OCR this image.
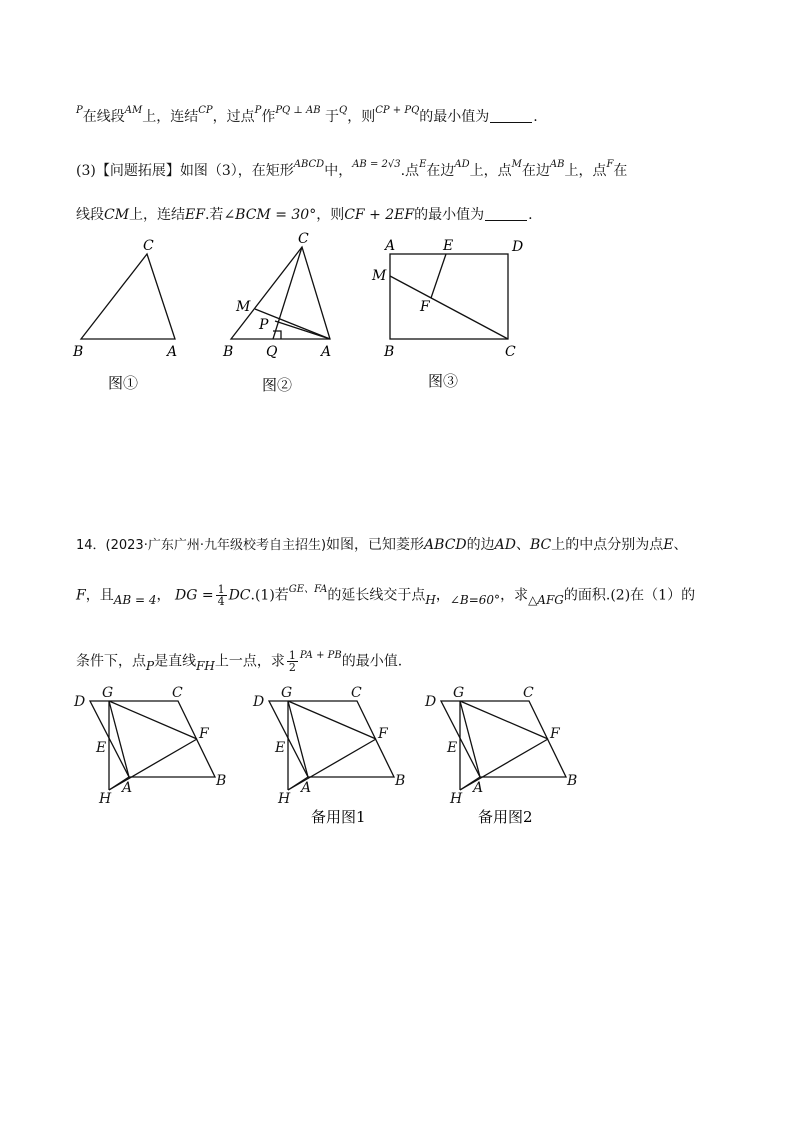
$^P$在线段$^{AM}$上，连结$^{CP}$，过点$^P$作$^{PQ \perp AB}$ 于$^Q$，则$^{CP + PQ}$的最小值为	.
(3)【问题拓展】如图（3），在矩形$^{ABCD}$中，$^{AB = 2√3}$.点$^E$在边$^{AD}$上，点$^M$在边$^{AB}$上，点$^F$在
线段CM上，连结EF.若∠BCM = 30°，则CF + 2EF的最小值为	.
B	A
C
图①
B Q	A
C
M
P
图②
A	E	D
M
F
B	C
图③
D
G	C
E
F
H
A	B
D
G	C
E
F
H
A	B
D
G	C
E
F
H
A	B
备用图1	备用图2
14．(2023·广东广州·九年级校考自主招生)如图，已知菱形ABCD的边AD、BC上的中点分别为点E、
F，且AB = 4， DG = $\frac{1}{4} DC.(1)$若$^{GE、FA}$的延长线交于点H，∠B=60°，求△AFG的面积.(2)在（1）的
条件下，点P是直线FH上一点，求 $\frac{1}{2} ^{PA + PB}$的最小值.
